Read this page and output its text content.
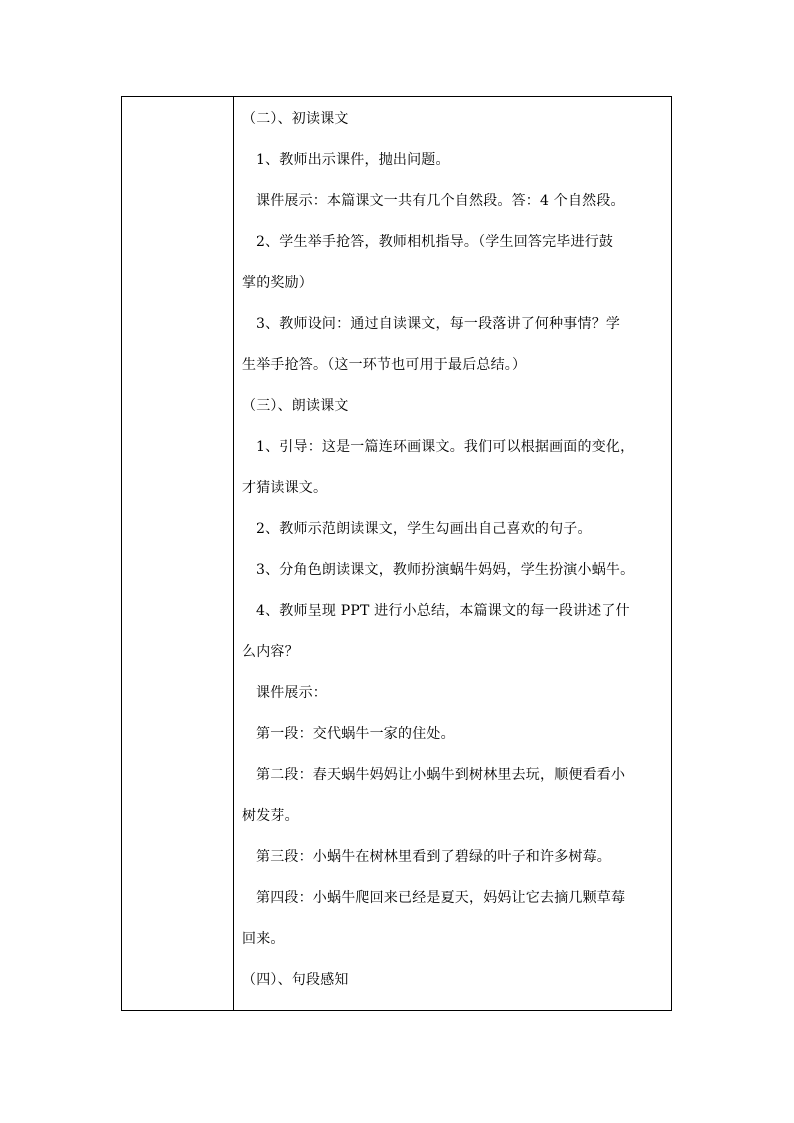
（二）、初读课文
1、教师出示课件，抛出问题。
课件展示：本篇课文一共有几个自然段。答：4 个自然段。
2、学生举手抢答，教师相机指导。（学生回答完毕进行鼓
掌的奖励）
3、教师设问：通过自读课文，每一段落讲了何种事情？学
生举手抢答。（这一环节也可用于最后总结。）
（三）、朗读课文
1、引导：这是一篇连环画课文。我们可以根据画面的变化，
才猜读课文。
2、教师示范朗读课文，学生勾画出自己喜欢的句子。
3、分角色朗读课文，教师扮演蜗牛妈妈，学生扮演小蜗牛。
4、教师呈现 PPT 进行小总结，本篇课文的每一段讲述了什
么内容？
课件展示：
第一段：交代蜗牛一家的住处。
第二段：春天蜗牛妈妈让小蜗牛到树林里去玩，顺便看看小
树发芽。
第三段：小蜗牛在树林里看到了碧绿的叶子和许多树莓。
第四段：小蜗牛爬回来已经是夏天，妈妈让它去摘几颗草莓
回来。
（四）、句段感知
